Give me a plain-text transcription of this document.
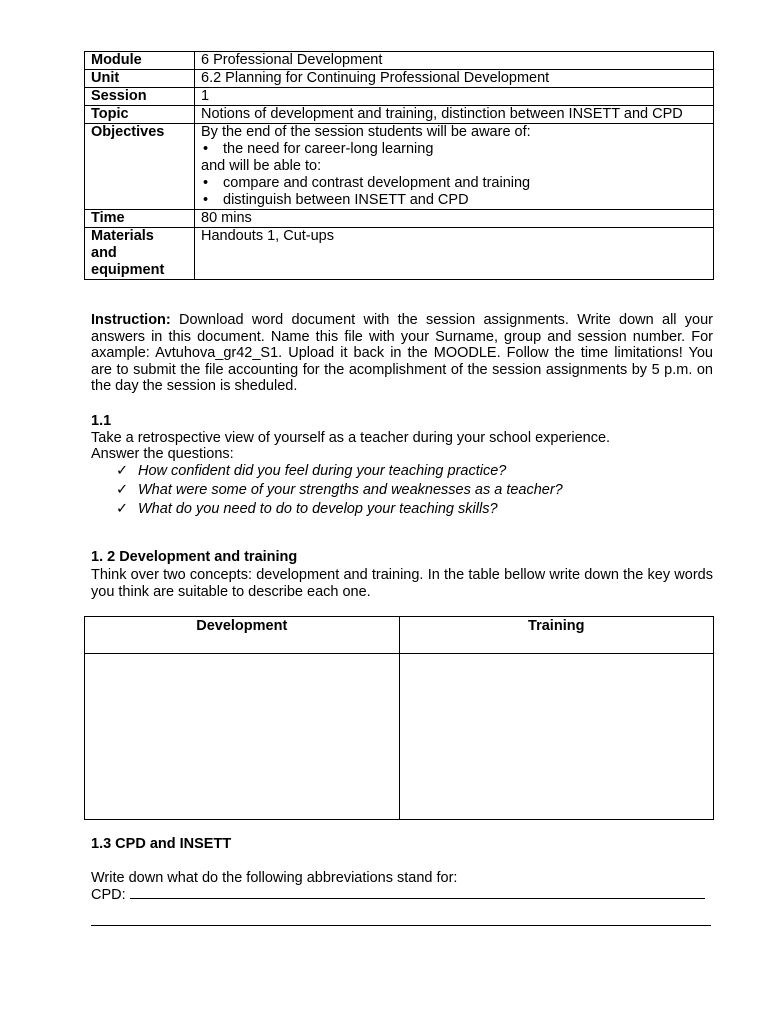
Module	6 Professional Development
Unit	6.2 Planning for Continuing Professional Development
Session	1
Topic	Notions of development and training, distinction between INSETT and CPD
Objectives	By the end of the session students will be aware of:
• the need for career-long learning
and will be able to:
• compare and contrast development and training
• distinguish between INSETT and CPD

Time	80 mins

Materials
and
equipment	Handouts 1, Cut-ups
Instruction: Download word document with the session assignments. Write down all your answers in this document. Name this file with your Surname, group and session number. For axample: Avtuhova_gr42_S1. Upload it back in the MOODLE. Follow the time limitations! You are to submit the file accounting for the acomplishment of the session assignments by 5 p.m. on the day the session is sheduled.
1.1
Take a retrospective view of yourself as a teacher during your school experience.
Answer the questions:
✓ How confident did you feel during your teaching practice?
✓ What were some of your strengths and weaknesses as a teacher?
✓ What do you need to do to develop your teaching skills?
1. 2 Development and training
Think over two concepts: development and training. In the table bellow write down the key words you think are suitable to describe each one.
Development	Training

1.3 CPD and INSETT
Write down what do the following abbreviations stand for:
CPD:
